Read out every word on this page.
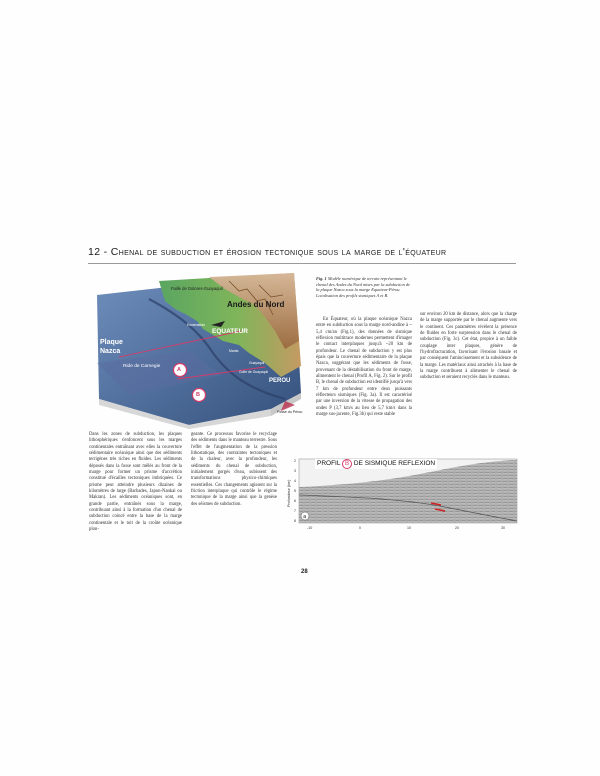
12 - Chenal de subduction et érosion tectonique sous la marge de l'équateur
Faille de Dolores-Guayaquil
Andes du Nord
EQUATEUR
Plaque
Nazca
Ride de Carnegie
PEROU
Fossé du Pérou
A
B
Esmeraldas
Manta
Guayaquil
Golfe de Guayaquil
Fig. 1 Modèle numérique de terrain représentant le chenal des Andes du Nord mises par la subduction de la plaque Nazca sous la marge Equateur-Pérou. Localisation des profils sismiques A et B.

Dans les zones de subduction, les plaques lithosphériques s'enfoncent sous les marges continentales entraînant avec elles la couverture sédimentaire océanique ainsi que des sédiments terrigènes très riches en fluides. Les sédiments déposés dans la fosse sont mêlés au front de la marge pour former un prisme d'accrétion constitué d'écailles tectoniques imbriquées. Ce prisme peut atteindre plusieurs dizaines de kilomètres de large (Barbades, Japon-Nankai ou Makran). Les sédiments océaniques sont, en grande partie, entraînés sous la marge, contribuant ainsi à la formation d'un chenal de subduction coincé entre la base de la marge continentale et le toit de la croûte océanique plon-

geante. Ce processus favorise le recyclage des sédiments dans le manteau terrestre. Sous l'effet de l'augmentation de la pression lithostatique, des contraintes tectoniques et de la chaleur, avec la profondeur, les sédiments du chenal de subduction, initialement gorgés d'eau, subissent des transformations physico-chimiques essentielles. Ces changements agissent sur la friction interplaque qui contrôle le régime tectonique de la marge ainsi que la genèse des séismes de subduction.

En Équateur, où la plaque océanique Nazca entre en subduction sous la marge nord-andine à ~ 5,4 cm/an (Fig.1), des données de sismique réflexion multitrace modernes permettent d'imager le contact interplaques jusqu'à ~20 km de profondeur. Le chenal de subduction y est plus épais que la couverture sédimentaire de la plaque Nazca, suggérant que les sédiments de fosse, provenant de la déstabilisation du front de marge, alimentent le chenal (Profil A, Fig. 2). Sur le profil B, le chenal de subduction est identifié jusqu'à vers 7 km de profondeur entre deux puissants réflecteurs sismiques (Fig. 3a). Il est caractérisé par une inversion de la vitesse de propagation des ondes P (3,7 km/s au lieu de 5,7 km/s dans la marge sus-jacente, Fig.3b) qui reste stable

sur environ 20 km de distance, alors que la charge de la marge supportée par le chenal augmente vers le continent. Ces paramètres révèlent la présence de fluides en forte surpression dans le chenal de subduction (Fig. 3c). Cet état, propice à un faible couplage inter plaques, génère de l'hydrofracturation, favorisant l'érosion basale et par conséquent l'amincissement et la subsidence de la marge. Les matériaux ainsi arrachés à la base de la marge contribuent à alimenter le chenal de subduction et seraient recyclés dans le manteau.

a
2
3
4
5
6
7
8
-10	0	10	20	30
Profondeur (km)
PROFIL B DE SISMIQUE REFLEXION
28
